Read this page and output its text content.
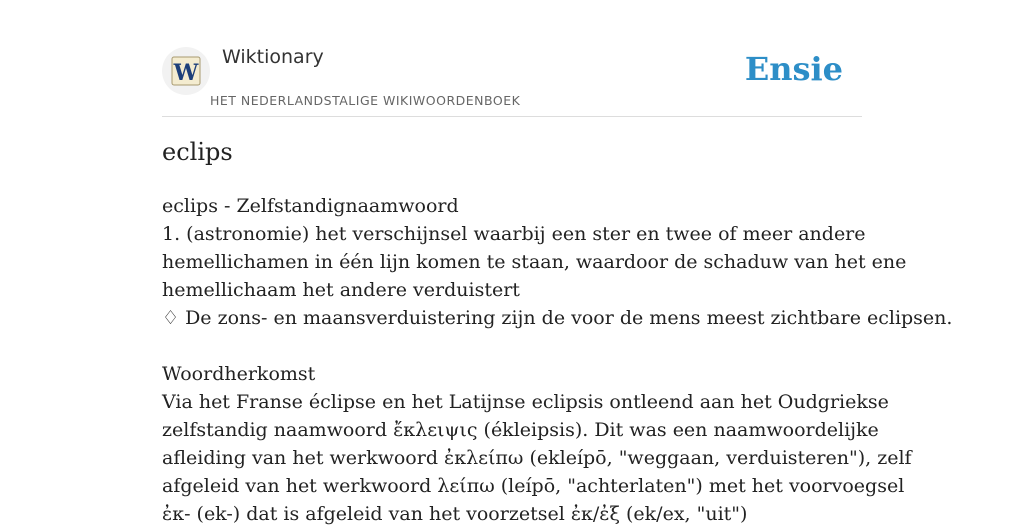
W
Wiktionary
HET NEDERLANDSTALIGE WIKIWOORDENBOEK
Ensie
eclips
eclips - Zelfstandignaamwoord
1. (astronomie) het verschijnsel waarbij een ster en twee of meer andere
hemellichamen in één lijn komen te staan, waardoor de schaduw van het ene
hemellichaam het andere verduistert
♢ De zons- en maansverduistering zijn de voor de mens meest zichtbare eclipsen.
Woordherkomst
Via het Franse éclipse en het Latijnse eclipsis ontleend aan het Oudgriekse
zelfstandig naamwoord ἔκλειψις (ékleipsis). Dit was een naamwoordelijke
afleiding van het werkwoord ἐκλείπω (ekleípō, "weggaan, verduisteren"), zelf
afgeleid van het werkwoord λείπω (leípō, "achterlaten") met het voorvoegsel
ἐκ- (ek-) dat is afgeleid van het voorzetsel ἐκ/ἐξ (ek/ex, "uit")
